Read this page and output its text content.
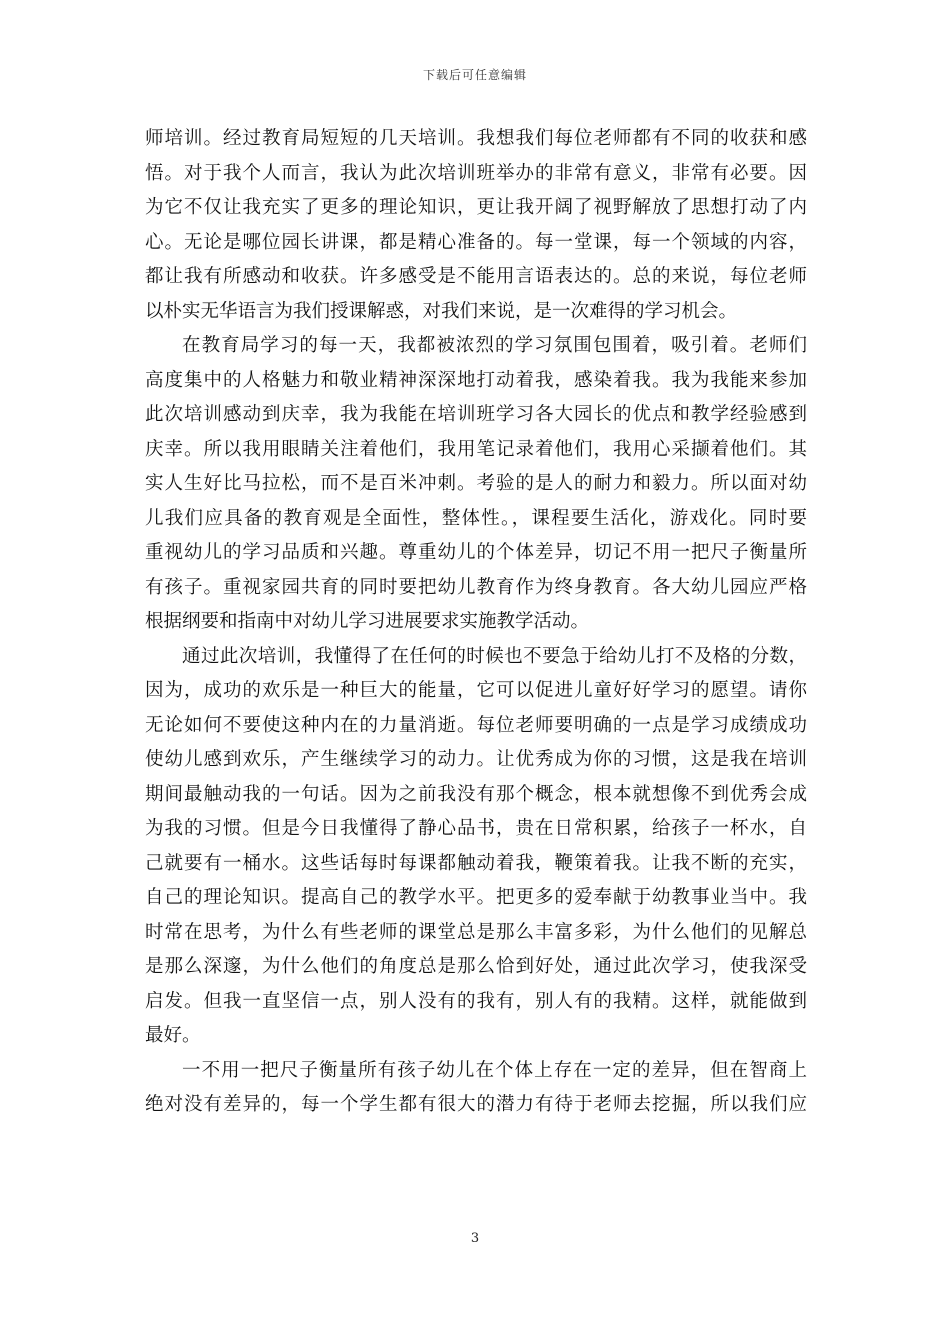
下载后可任意编辑
师培训。经过教育局短短的几天培训。我想我们每位老师都有不同的收获和感
悟。对于我个人而言，我认为此次培训班举办的非常有意义，非常有必要。因
为它不仅让我充实了更多的理论知识，更让我开阔了视野解放了思想打动了内
心。无论是哪位园长讲课，都是精心准备的。每一堂课，每一个领域的内容，
都让我有所感动和收获。许多感受是不能用言语表达的。总的来说，每位老师
以朴实无华语言为我们授课解惑，对我们来说，是一次难得的学习机会。
在教育局学习的每一天，我都被浓烈的学习氛围包围着，吸引着。老师们
高度集中的人格魅力和敬业精神深深地打动着我，感染着我。我为我能来参加
此次培训感动到庆幸，我为我能在培训班学习各大园长的优点和教学经验感到
庆幸。所以我用眼睛关注着他们，我用笔记录着他们，我用心采撷着他们。其
实人生好比马拉松，而不是百米冲刺。考验的是人的耐力和毅力。所以面对幼
儿我们应具备的教育观是全面性，整体性。，课程要生活化，游戏化。同时要
重视幼儿的学习品质和兴趣。尊重幼儿的个体差异，切记不用一把尺子衡量所
有孩子。重视家园共育的同时要把幼儿教育作为终身教育。各大幼儿园应严格
根据纲要和指南中对幼儿学习进展要求实施教学活动。
通过此次培训，我懂得了在任何的时候也不要急于给幼儿打不及格的分数，
因为，成功的欢乐是一种巨大的能量，它可以促进儿童好好学习的愿望。请你
无论如何不要使这种内在的力量消逝。每位老师要明确的一点是学习成绩成功
使幼儿感到欢乐，产生继续学习的动力。让优秀成为你的习惯，这是我在培训
期间最触动我的一句话。因为之前我没有那个概念，根本就想像不到优秀会成
为我的习惯。但是今日我懂得了静心品书，贵在日常积累，给孩子一杯水，自
己就要有一桶水。这些话每时每课都触动着我，鞭策着我。让我不断的充实，
自己的理论知识。提高自己的教学水平。把更多的爱奉献于幼教事业当中。我
时常在思考，为什么有些老师的课堂总是那么丰富多彩，为什么他们的见解总
是那么深邃，为什么他们的角度总是那么恰到好处，通过此次学习，使我深受
启发。但我一直坚信一点，别人没有的我有，别人有的我精。这样，就能做到
最好。
一不用一把尺子衡量所有孩子幼儿在个体上存在一定的差异，但在智商上
绝对没有差异的，每一个学生都有很大的潜力有待于老师去挖掘，所以我们应
3
